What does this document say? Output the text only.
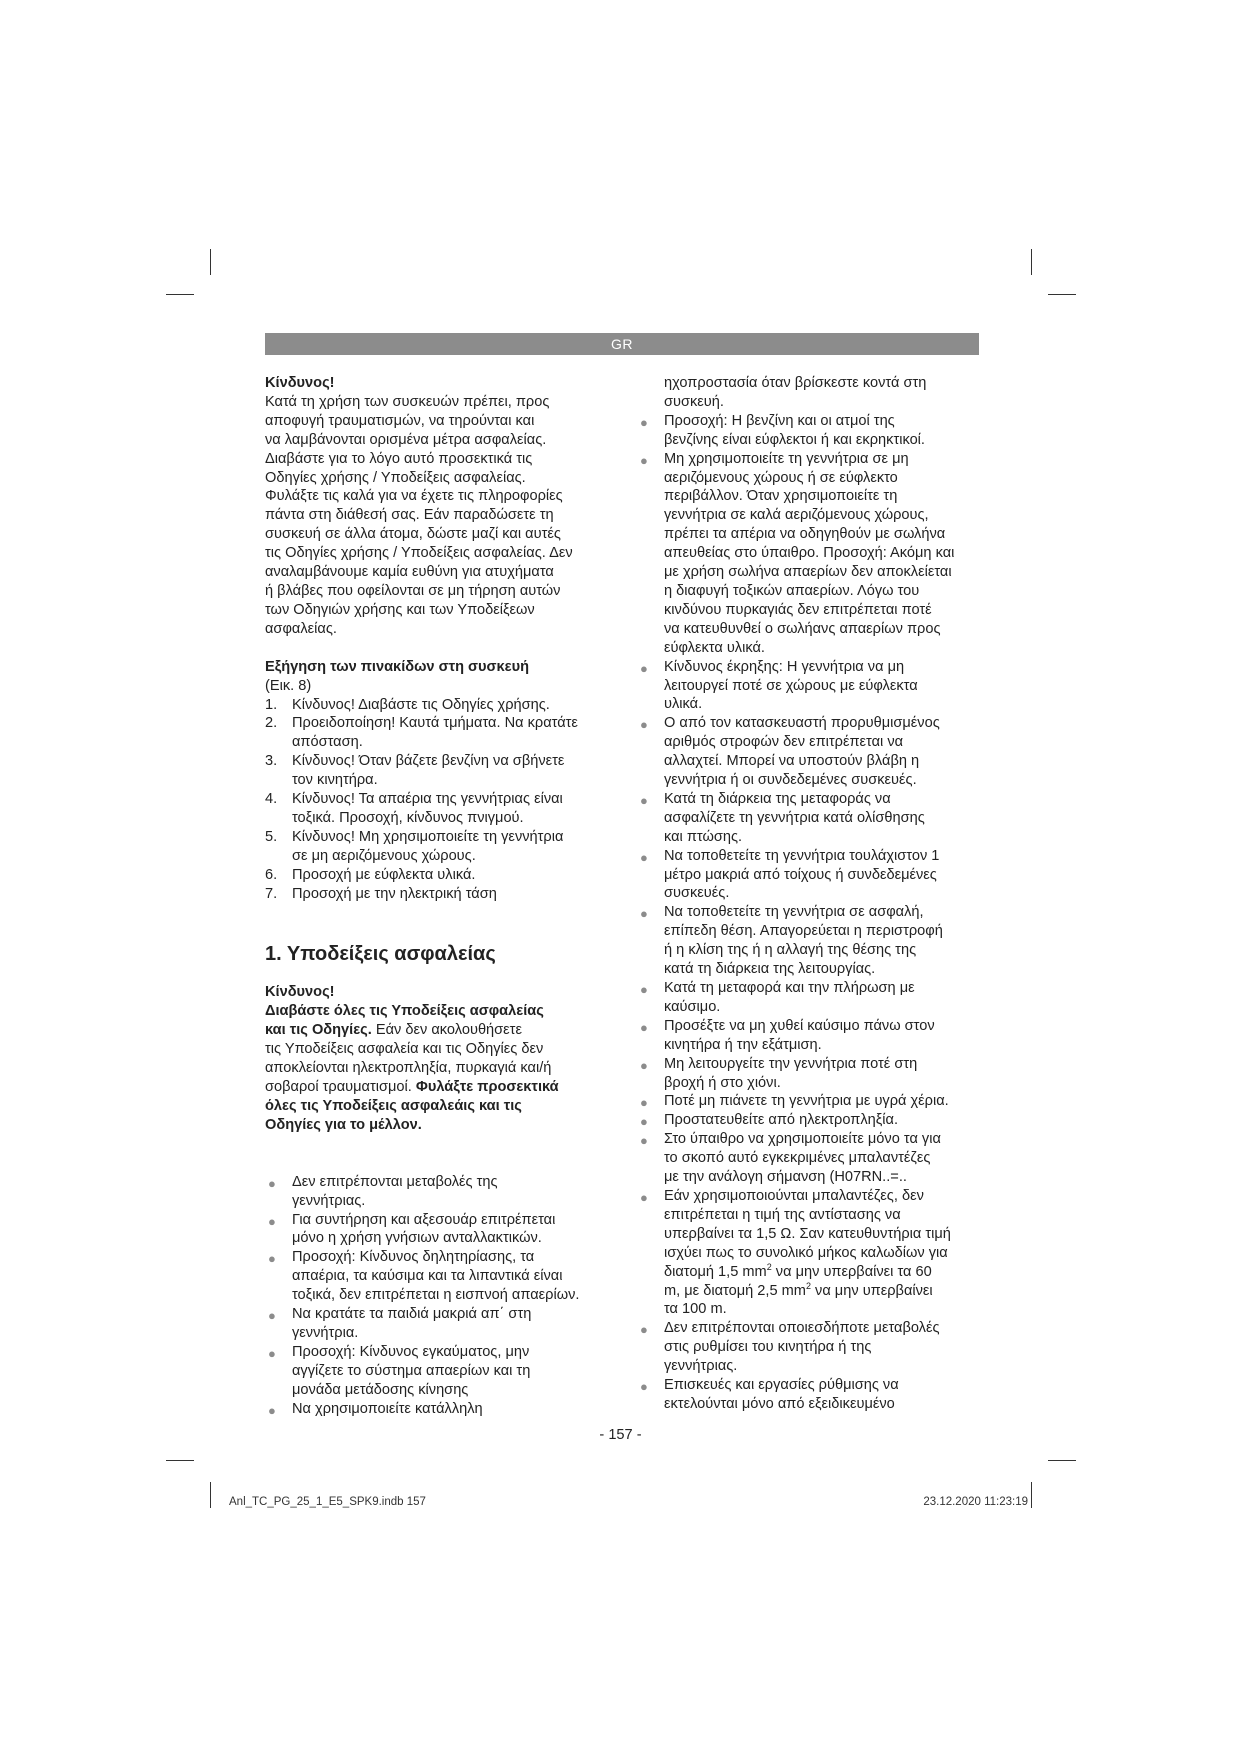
GR

Κίνδυνος!

Κατά τη χρήση των συσκευών πρέπει, προς

αποφυγή τραυματισμών, να τηρούνται και

να λαμβάνονται ορισμένα μέτρα ασφαλείας.

Διαβάστε για το λόγο αυτό προσεκτικά τις

Οδηγίες χρήσης / Υποδείξεις ασφαλείας.

Φυλάξτε τις καλά για να έχετε τις πληροφορίες

πάντα στη διάθεσή σας. Εάν παραδώσετε τη

συσκευή σε άλλα άτομα, δώστε μαζί και αυτές

τις Οδηγίες χρήσης / Υποδείξεις ασφαλείας. Δεν

αναλαμβάνουμε καμία ευθύνη για ατυχήματα

ή βλάβες που οφείλονται σε μη τήρηση αυτών

των Οδηγιών χρήσης και των Υποδείξεων

ασφαλείας.

Εξήγηση των πινακίδων στη συσκευή

(Εικ. 8)

1. Κίνδυνος! Διαβάστε τις Οδηγίες χρήσης.
2. Προειδοποίηση! Καυτά τμήματα. Να κρατάτε
απόσταση.
3. Κίνδυνος! Όταν βάζετε βενζίνη να σβήνετε
τον κινητήρα.
4. Κίνδυνος! Τα απαέρια της γεννήτριας είναι
τοξικά. Προσοχή, κίνδυνος πνιγμού.
5. Κίνδυνος! Μη χρησιμοποιείτε τη γεννήτρια
σε μη αεριζόμενους χώρους.
6. Προσοχή με εύφλεκτα υλικά.
7. Προσοχή με την ηλεκτρική τάση
1. Υποδείξεις ασφαλείας

Κίνδυνος!

Διαβάστε όλες τις Υποδείξεις ασφαλείας

και τις Οδηγίες. Εάν δεν ακολουθήσετε

τις Υποδείξεις ασφαλεία και τις Οδηγίες δεν

αποκλείονται ηλεκτροπληξία, πυρκαγιά και/ή

σοβαροί τραυματισμοί. Φυλάξτε προσεκτικά

όλες τις Υποδείξεις ασφαλεάις και τις

Οδηγίες για το μέλλον.

● Δεν επιτρέπονται μεταβολές της
γεννήτριας.
● Για συντήρηση και αξεσουάρ επιτρέπεται
μόνο η χρήση γνήσιων ανταλλακτικών.
● Προσοχή: Κίνδυνος δηλητηρίασης, τα
απαέρια, τα καύσιμα και τα λιπαντικά είναι
τοξικά, δεν επιτρέπεται η εισπνοή απαερίων.
● Να κρατάτε τα παιδιά μακριά απ΄ στη
γεννήτρια.
● Προσοχή: Κίνδυνος εγκαύματος, μην
αγγίζετε το σύστημα απαερίων και τη
μονάδα μετάδοσης κίνησης
● Να χρησιμοποιείτε κατάλληλη

ηχοπροστασία όταν βρίσκεστε κοντά στη

συσκευή.

● Προσοχή: Η βενζίνη και οι ατμοί της
βενζίνης είναι εύφλεκτοι ή και εκρηκτικοί.
● Μη χρησιμοποιείτε τη γεννήτρια σε μη
αεριζόμενους χώρους ή σε εύφλεκτο
περιβάλλον. Όταν χρησιμοποιείτε τη
γεννήτρια σε καλά αεριζόμενους χώρους,
πρέπει τα απέρια να οδηγηθούν με σωλήνα
απευθείας στο ύπαιθρο. Προσοχή: Ακόμη και
με χρήση σωλήνα απαερίων δεν αποκλείεται
η διαφυγή τοξικών απαερίων. Λόγω του
κινδύνου πυρκαγιάς δεν επιτρέπεται ποτέ
να κατευθυνθεί ο σωλήανς απαερίων προς
εύφλεκτα υλικά.
● Κίνδυνος έκρηξης: Η γεννήτρια να μη
λειτουργεί ποτέ σε χώρους με εύφλεκτα
υλικά.
● Ο από τον κατασκευαστή προρυθμισμένος
αριθμός στροφών δεν επιτρέπεται να
αλλαχτεί. Μπορεί να υποστούν βλάβη η
γεννήτρια ή οι συνδεδεμένες συσκευές.
● Κατά τη διάρκεια της μεταφοράς να
ασφαλίζετε τη γεννήτρια κατά ολίσθησης
και πτώσης.
● Να τοποθετείτε τη γεννήτρια τουλάχιστον 1
μέτρο μακριά από τοίχους ή συνδεδεμένες
συσκευές.
● Να τοποθετείτε τη γεννήτρια σε ασφαλή,
επίπεδη θέση. Απαγορεύεται η περιστροφή
ή η κλίση της ή η αλλαγή της θέσης της
κατά τη διάρκεια της λειτουργίας.
● Κατά τη μεταφορά και την πλήρωση με
καύσιμο.
● Προσέξτε να μη χυθεί καύσιμο πάνω στον
κινητήρα ή την εξάτμιση.
● Μη λειτουργείτε την γεννήτρια ποτέ στη
βροχή ή στο χιόνι.
● Ποτέ μη πιάνετε τη γεννήτρια με υγρά χέρια.
● Προστατευθείτε από ηλεκτροπληξία.
● Στο ύπαιθρο να χρησιμοποιείτε μόνο τα για
το σκοπό αυτό εγκεκριμένες μπαλαντέζες
με την ανάλογη σήμανση (H07RN..=..
● Εάν χρησιμοποιούνται μπαλαντέζες, δεν
επιτρέπεται η τιμή της αντίστασης να
υπερβαίνει τα 1,5 Ω. Σαν κατευθυντήρια τιμή
ισχύει πως το συνολικό μήκος καλωδίων για
διατομή 1,5 $mm^2$ να μην υπερβαίνει τα 60
m, με διατομή 2,5 $mm^2$ να μην υπερβαίνει
τα 100 m.
● Δεν επιτρέπονται οποιεσδήποτε μεταβολές
στις ρυθμίσει του κινητήρα ή της
γεννήτριας.
● Επισκευές και εργασίες ρύθμισης να
εκτελούνται μόνο από εξειδικευμένο
- 157 -
Anl_TC_PG_25_1_E5_SPK9.indb 157	23.12.2020 11:23:19
